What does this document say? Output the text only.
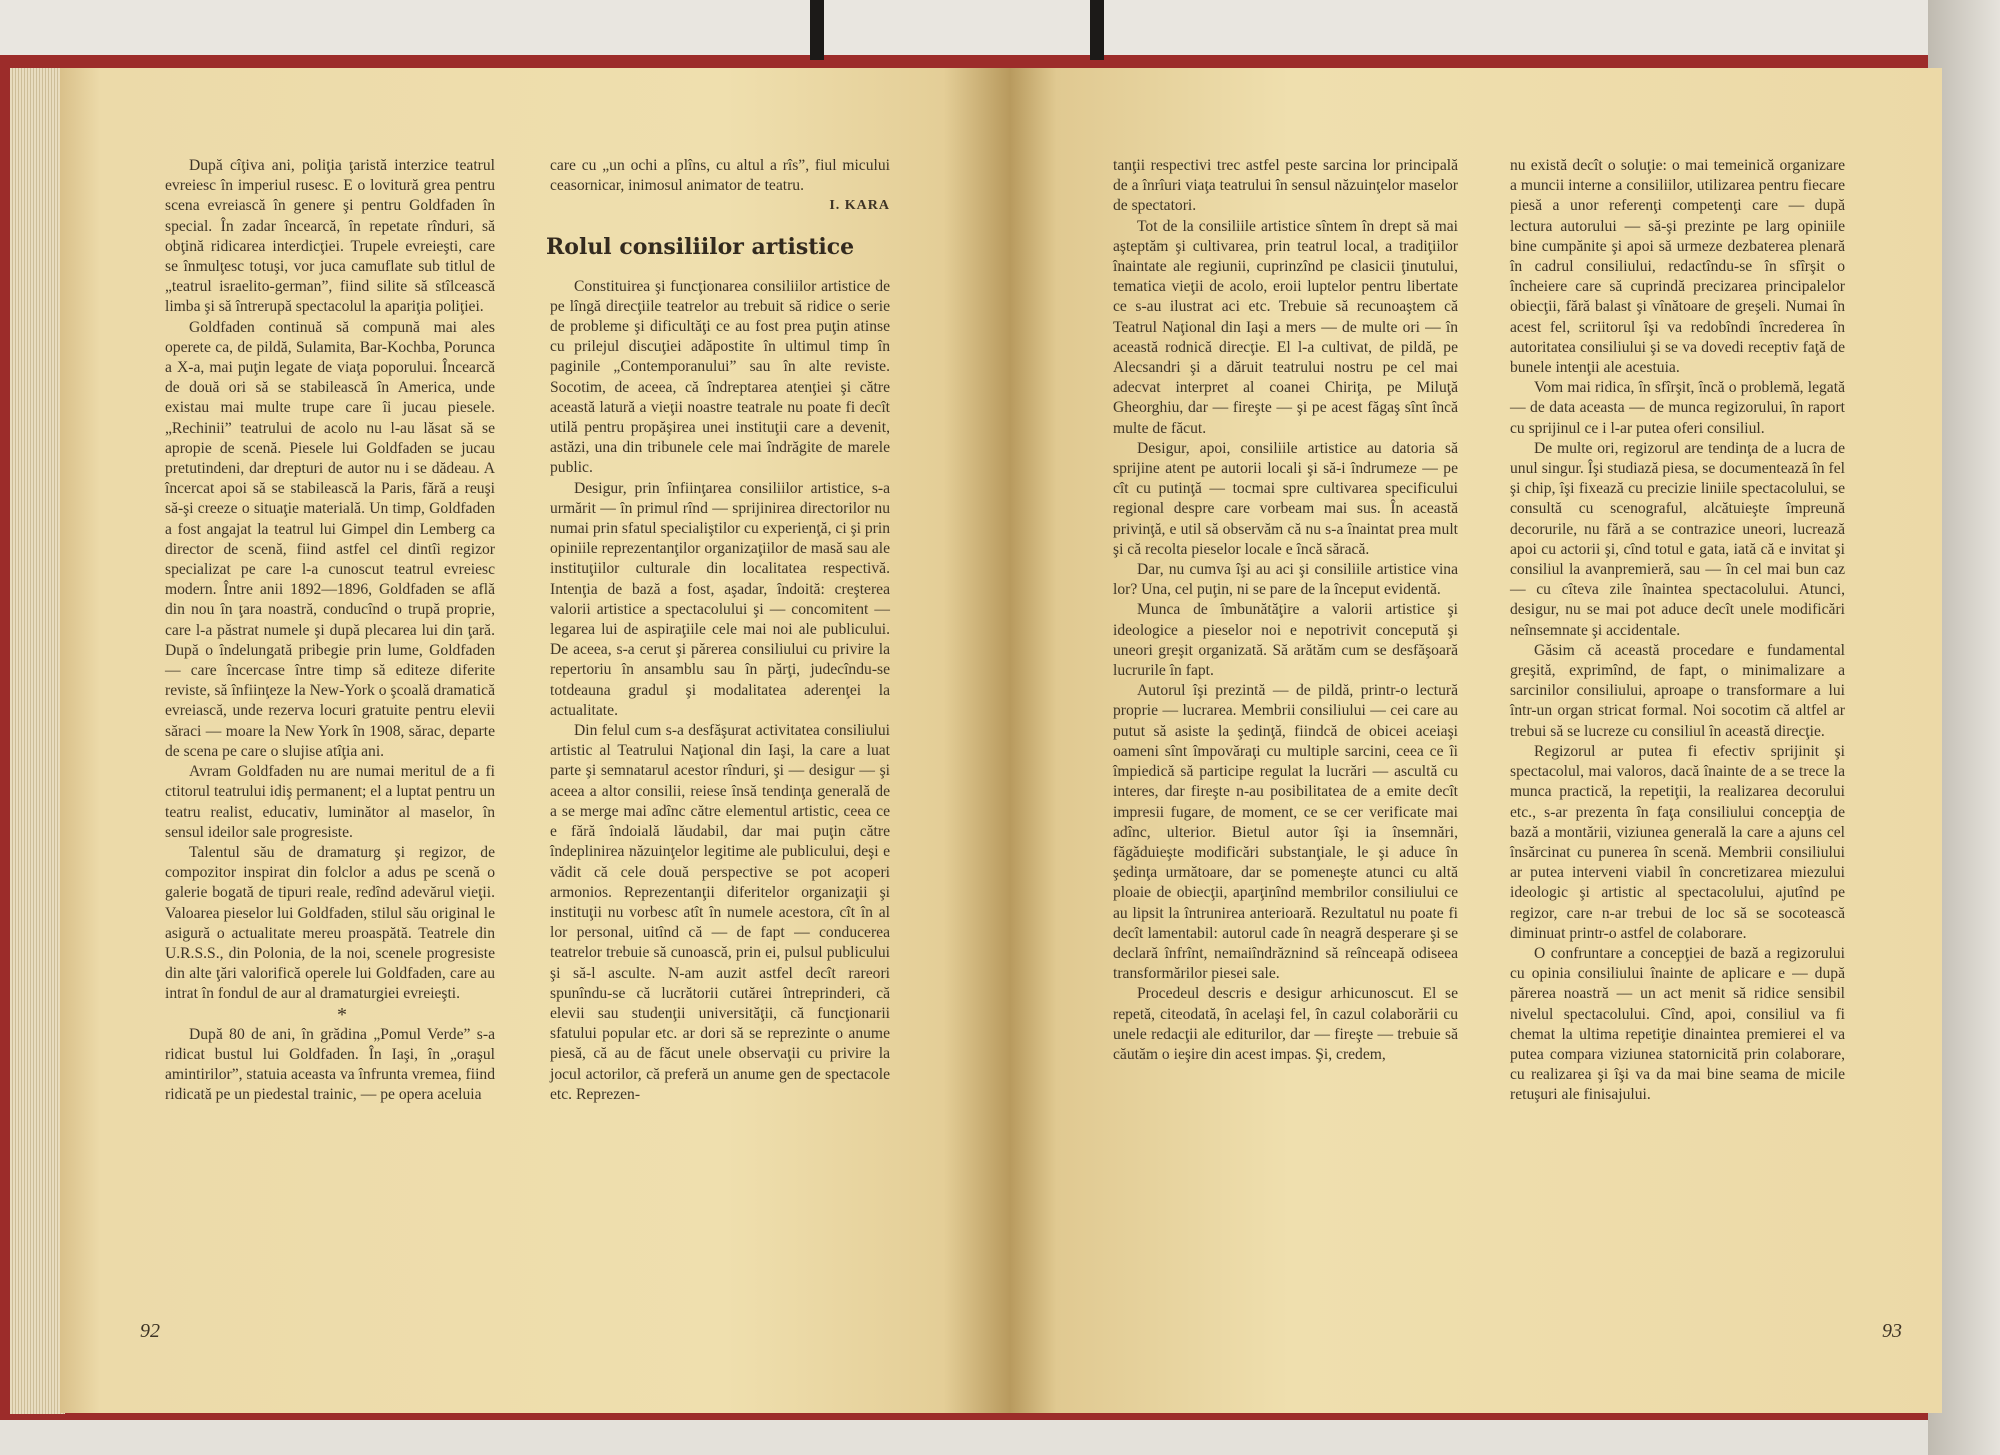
După cîţiva ani, poliţia ţaristă interzice teatrul evreiesc în imperiul rusesc. E o lovitură grea pentru scena evreiască în genere şi pentru Goldfaden în special. În zadar încearcă, în repetate rînduri, să obţină ridicarea interdicţiei. Trupele evreieşti, care se înmulţesc totuşi, vor juca camuflate sub titlul de „teatrul israelito-german”, fiind silite să stîlcească limba şi să întrerupă spectacolul la apariţia poliţiei.

Goldfaden continuă să compună mai ales operete ca, de pildă, Sulamita, Bar-Kochba, Porunca a X-a, mai puţin legate de viaţa poporului. Încearcă de două ori să se stabilească în America, unde existau mai multe trupe care îi jucau piesele. „Rechinii” teatrului de acolo nu l-au lăsat să se apropie de scenă. Piesele lui Goldfaden se jucau pretutindeni, dar drepturi de autor nu i se dădeau. A încercat apoi să se stabilească la Paris, fără a reuşi să-şi creeze o situaţie materială. Un timp, Goldfaden a fost angajat la teatrul lui Gimpel din Lemberg ca director de scenă, fiind astfel cel dintîi regizor specializat pe care l-a cunoscut teatrul evreiesc modern. Între anii 1892—1896, Goldfaden se află din nou în ţara noastră, conducînd o trupă proprie, care l-a păstrat numele şi după plecarea lui din ţară. După o îndelungată pribegie prin lume, Goldfaden — care încercase între timp să editeze diferite reviste, să înfiinţeze la New-York o şcoală dramatică evreiască, unde rezerva locuri gratuite pentru elevii săraci — moare la New York în 1908, sărac, departe de scena pe care o slujise atîţia ani.

Avram Goldfaden nu are numai meritul de a fi ctitorul teatrului idiş permanent; el a luptat pentru un teatru realist, educativ, luminător al maselor, în sensul ideilor sale progresiste.

Talentul său de dramaturg şi regizor, de compozitor inspirat din folclor a adus pe scenă o galerie bogată de tipuri reale, redînd adevărul vieţii. Valoarea pieselor lui Goldfaden, stilul său original le asigură o actualitate mereu proaspătă. Teatrele din U.R.S.S., din Polonia, de la noi, scenele progresiste din alte ţări valorifică operele lui Goldfaden, care au intrat în fondul de aur al dramaturgiei evreieşti.

*

După 80 de ani, în grădina „Pomul Verde” s-a ridicat bustul lui Goldfaden. În Iaşi, în „oraşul amintirilor”, statuia aceasta va înfrunta vremea, fiind ridicată pe un piedestal trainic, — pe opera aceluia

care cu „un ochi a plîns, cu altul a rîs”, fiul micului ceasornicar, inimosul animator de teatru.

I. KARA

Rolul consiliilor artistice

Constituirea şi funcţionarea consiliilor artistice de pe lîngă direcţiile teatrelor au trebuit să ridice o serie de probleme şi dificultăţi ce au fost prea puţin atinse cu prilejul discuţiei adăpostite în ultimul timp în paginile „Contemporanului” sau în alte reviste. Socotim, de aceea, că îndreptarea atenţiei şi către această latură a vieţii noastre teatrale nu poate fi decît utilă pentru propăşirea unei instituţii care a devenit, astăzi, una din tribunele cele mai îndrăgite de marele public.

Desigur, prin înfiinţarea consiliilor artistice, s-a urmărit — în primul rînd — sprijinirea directorilor nu numai prin sfatul specialiştilor cu experienţă, ci şi prin opiniile reprezentanţilor organizaţiilor de masă sau ale instituţiilor culturale din localitatea respectivă. Intenţia de bază a fost, aşadar, îndoită: creşterea valorii artistice a spectacolului şi — concomitent — legarea lui de aspiraţiile cele mai noi ale publicului. De aceea, s-a cerut şi părerea consiliului cu privire la repertoriu în ansamblu sau în părţi, judecîndu-se totdeauna gradul şi modalitatea aderenţei la actualitate.

Din felul cum s-a desfăşurat activitatea consiliului artistic al Teatrului Naţional din Iaşi, la care a luat parte şi semnatarul acestor rînduri, şi — desigur — şi aceea a altor consilii, reiese însă tendinţa generală de a se merge mai adînc către elementul artistic, ceea ce e fără îndoială lăudabil, dar mai puţin către îndeplinirea năzuinţelor legitime ale publicului, deşi e vădit că cele două perspective se pot acoperi armonios. Reprezentanţii diferitelor organizaţii şi instituţii nu vorbesc atît în numele acestora, cît în al lor personal, uitînd că — de fapt — conducerea teatrelor trebuie să cunoască, prin ei, pulsul publicului şi să-l asculte. N-am auzit astfel decît rareori spunîndu-se că lucrătorii cutărei întreprinderi, că elevii sau studenţii universităţii, că funcţionarii sfatului popular etc. ar dori să se reprezinte o anume piesă, că au de făcut unele observaţii cu privire la jocul actorilor, că preferă un anume gen de spectacole etc. Reprezen-

92

tanţii respectivi trec astfel peste sarcina lor principală de a înrîuri viaţa teatrului în sensul năzuinţelor maselor de spectatori.

Tot de la consiliile artistice sîntem în drept să mai aşteptăm şi cultivarea, prin teatrul local, a tradiţiilor înaintate ale regiunii, cuprinzînd pe clasicii ţinutului, tematica vieţii de acolo, eroii luptelor pentru libertate ce s-au ilustrat aci etc. Trebuie să recunoaştem că Teatrul Naţional din Iaşi a mers — de multe ori — în această rodnică direcţie. El l-a cultivat, de pildă, pe Alecsandri şi a dăruit teatrului nostru pe cel mai adecvat interpret al coanei Chiriţa, pe Miluţă Gheorghiu, dar — fireşte — şi pe acest făgaş sînt încă multe de făcut.

Desigur, apoi, consiliile artistice au datoria să sprijine atent pe autorii locali şi să-i îndrumeze — pe cît cu putinţă — tocmai spre cultivarea specificului regional despre care vorbeam mai sus. În această privinţă, e util să observăm că nu s-a înaintat prea mult şi că recolta pieselor locale e încă săracă.

Dar, nu cumva îşi au aci şi consiliile artistice vina lor? Una, cel puţin, ni se pare de la început evidentă.

Munca de îmbunătăţire a valorii artistice şi ideologice a pieselor noi e nepotrivit concepută şi uneori greşit organizată. Să arătăm cum se desfăşoară lucrurile în fapt.

Autorul îşi prezintă — de pildă, printr-o lectură proprie — lucrarea. Membrii consiliului — cei care au putut să asiste la şedinţă, fiindcă de obicei aceiaşi oameni sînt împovăraţi cu multiple sarcini, ceea ce îi împiedică să participe regulat la lucrări — ascultă cu interes, dar fireşte n-au posibilitatea de a emite decît impresii fugare, de moment, ce se cer verificate mai adînc, ulterior. Bietul autor îşi ia însemnări, făgăduieşte modificări substanţiale, le şi aduce în şedinţa următoare, dar se pomeneşte atunci cu altă ploaie de obiecţii, aparţinînd membrilor consiliului ce au lipsit la întrunirea anterioară. Rezultatul nu poate fi decît lamentabil: autorul cade în neagră desperare şi se declară înfrînt, nemaiîndrăznind să reînceapă odiseea transformărilor piesei sale.

Procedeul descris e desigur arhicunoscut. El se repetă, citeodată, în acelaşi fel, în cazul colaborării cu unele redacţii ale editurilor, dar — fireşte — trebuie să căutăm o ieşire din acest impas. Şi, credem,

nu există decît o soluţie: o mai temeinică organizare a muncii interne a consiliilor, utilizarea pentru fiecare piesă a unor referenţi competenţi care — după lectura autorului — să-şi prezinte pe larg opiniile bine cumpănite şi apoi să urmeze dezbaterea plenară în cadrul consiliului, redactîndu-se în sfîrşit o încheiere care să cuprindă precizarea principalelor obiecţii, fără balast şi vînătoare de greşeli. Numai în acest fel, scriitorul îşi va redobîndi încrederea în autoritatea consiliului şi se va dovedi receptiv faţă de bunele intenţii ale acestuia.

Vom mai ridica, în sfîrşit, încă o problemă, legată — de data aceasta — de munca regizorului, în raport cu sprijinul ce i l-ar putea oferi consiliul.

De multe ori, regizorul are tendinţa de a lucra de unul singur. Îşi studiază piesa, se documentează în fel şi chip, îşi fixează cu precizie liniile spectacolului, se consultă cu scenograful, alcătuieşte împreună decorurile, nu fără a se contrazice uneori, lucrează apoi cu actorii şi, cînd totul e gata, iată că e invitat şi consiliul la avanpremieră, sau — în cel mai bun caz — cu cîteva zile înaintea spectacolului. Atunci, desigur, nu se mai pot aduce decît unele modificări neînsemnate şi accidentale.

Găsim că această procedare e fundamental greşită, exprimînd, de fapt, o minimalizare a sarcinilor consiliului, aproape o transformare a lui într-un organ stricat formal. Noi socotim că altfel ar trebui să se lucreze cu consiliul în această direcţie.

Regizorul ar putea fi efectiv sprijinit şi spectacolul, mai valoros, dacă înainte de a se trece la munca practică, la repetiţii, la realizarea decorului etc., s-ar prezenta în faţa consiliului concepţia de bază a montării, viziunea generală la care a ajuns cel însărcinat cu punerea în scenă. Membrii consiliului ar putea interveni viabil în concretizarea miezului ideologic şi artistic al spectacolului, ajutînd pe regizor, care n-ar trebui de loc să se socotească diminuat printr-o astfel de colaborare.

O confruntare a concepţiei de bază a regizorului cu opinia consiliului înainte de aplicare e — după părerea noastră — un act menit să ridice sensibil nivelul spectacolului. Cînd, apoi, consiliul va fi chemat la ultima repetiţie dinaintea premierei el va putea compara viziunea statornicită prin colaborare, cu realizarea şi îşi va da mai bine seama de micile retuşuri ale finisajului.

93
